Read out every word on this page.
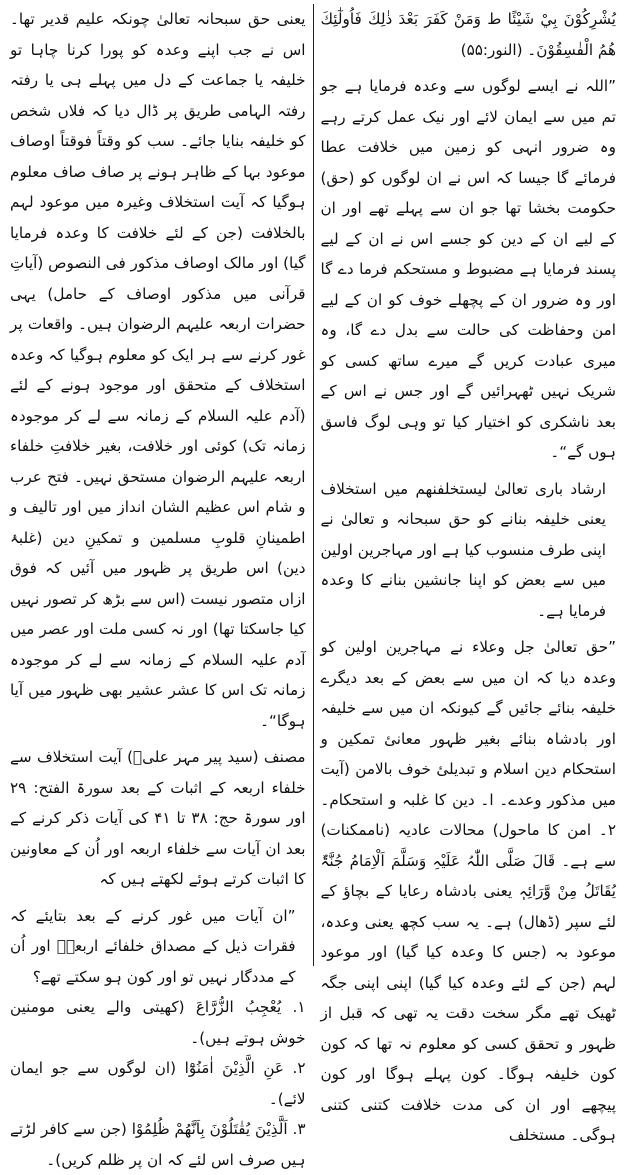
يُشْرِكُوْنَ بِيْ شَيْئًا ط وَمَنْ كَفَرَ بَعْدَ ذٰلِكَ فَاُولٰٓئِكَ هُمُ الْفٰسِقُوْنَ۔ (النور:۵۵)

”اللہ نے ایسے لوگوں سے وعدہ فرمایا ہے جو تم میں سے ایمان لائے اور نیک عمل کرتے رہے وہ ضرور انہی کو زمین میں خلافت عطا فرمائے گا جیسا کہ اس نے ان لوگوں کو (حق) حکومت بخشا تھا جو ان سے پہلے تھے اور ان کے لیے ان کے دین کو جسے اس نے ان کے لیے پسند فرمایا ہے مضبوط و مستحکم فرما دے گا اور وہ ضرور ان کے پچھلے خوف کو ان کے لیے امن وحفاظت کی حالت سے بدل دے گا، وہ میری عبادت کریں گے میرے ساتھ کسی کو شریک نہیں ٹھہرائیں گے اور جس نے اس کے بعد ناشکری کو اختیار کیا تو وہی لوگ فاسق ہوں گے“۔

ارشاد باری تعالیٰ لیستخلفنھم میں استخلاف یعنی خلیفہ بنانے کو حق سبحانہ و تعالیٰ نے اپنی طرف منسوب کیا ہے اور مہاجرین اولین میں سے بعض کو اپنا جانشین بنانے کا وعدہ فرمایا ہے۔

”حق تعالیٰ جل وعلاء نے مہاجرین اولین کو وعدہ دیا کہ ان میں سے بعض کے بعد دیگرے خلیفہ بنائے جائیں گے کیونکہ ان میں سے خلیفہ اور بادشاہ بنائے بغیر ظہور معانیٔ تمکین و استحکام دین اسلام و تبدیلیٔ خوف بالامن (آیت میں مذکور وعدے۔ ا۔ دین کا غلبہ و استحکام۔ ۲۔ امن کا ماحول) محالات عادیہ (ناممکنات) سے ہے۔ قَالَ صَلَّی اللّٰہُ عَلَیْہِ وَسَلَّمَ اَلْاِمَامُ جُنَّۃٌ یُقَاتَلُ مِنْ وَّرَائِہٖ یعنی بادشاہ رعایا کے بچاؤ کے لئے سپر (ڈھال) ہے۔ یہ سب کچھ یعنی وعدہ، موعود بہ (جس کا وعدہ کیا گیا) اور موعود لہم (جن کے لئے وعدہ کیا گیا) اپنی اپنی جگہ ٹھیک تھے مگر سخت دقت یہ تھی کہ قبل از ظہور و تحقق کسی کو معلوم نہ تھا کہ کون کون خلیفہ ہوگا۔ کون پہلے ہوگا اور کون پیچھے اور ان کی مدت خلافت کتنی کتنی ہوگی۔ مستخلف

یعنی حق سبحانہ تعالیٰ چونکہ علیم قدیر تھا۔ اس نے جب اپنے وعدہ کو پورا کرنا چاہا تو خلیفہ یا جماعت کے دل میں پہلے ہی یا رفتہ رفتہ الہامی طریق پر ڈال دیا کہ فلاں شخص کو خلیفہ بنایا جائے۔ سب کو وقتاً فوقتاً اوصاف موعود بہا کے ظاہر ہونے پر صاف صاف معلوم ہوگیا کہ آیت استخلاف وغیرہ میں موعود لہم بالخلافت (جن کے لئے خلافت کا وعدہ فرمایا گیا) اور مالک اوصاف مذکور فی النصوص (آیاتِ قرآنی میں مذکور اوصاف کے حامل) یہی حضرات اربعہ علیہم الرضوان ہیں۔ واقعات پر غور کرنے سے ہر ایک کو معلوم ہوگیا کہ وعدہ استخلاف کے متحقق اور موجود ہونے کے لئے (آدم علیہ السلام کے زمانہ سے لے کر موجودہ زمانہ تک) کوئی اور خلافت، بغیر خلافتِ خلفاء اربعہ علیہم الرضوان مستحق نہیں۔ فتح عرب و شام اس عظیم الشان انداز میں اور تالیف و اطمینانِ قلوبِ مسلمین و تمکینِ دین (غلبۂ دین) اس طریق پر ظہور میں آئیں کہ فوق ازاں متصور نیست (اس سے بڑھ کر تصور نہیں کیا جاسکتا تھا) اور نہ کسی ملت اور عصر میں آدم علیہ السلام کے زمانہ سے لے کر موجودہ زمانہ تک اس کا عشر عشیر بھی ظہور میں آیا ہوگا“۔

مصنف (سید پیر مہر علیؒ) آیت استخلاف سے خلفاء اربعہ کے اثبات کے بعد سورۃ الفتح: ۲۹ اور سورۃ حج: ۳۸ تا ۴۱ کی آیات ذکر کرنے کے بعد ان آیات سے خلفاء اربعہ اور اُن کے معاونین کا اثبات کرتے ہوئے لکھتے ہیں کہ

”ان آیات میں غور کرنے کے بعد بتایئے کہ فقرات ذیل کے مصداق خلفائے اربعہؓ اور اُن کے مددگار نہیں تو اور کون ہو سکتے تھے؟

۱. یُعْجِبُ الزُّرَّاعَ (کھیتی والے یعنی مومنین خوش ہوتے ہیں)۔

۲. عَنِ الَّذِیْنَ اٰمَنُوْٓا (ان لوگوں سے جو ایمان لائے)۔

۳. اَلَّذِیْنَ یُقٰتَلُوْنَ بِاَنَّھُمْ ظُلِمُوْا (جن سے کافر لڑتے ہیں صرف اس لئے کہ ان پر ظلم کریں)۔
